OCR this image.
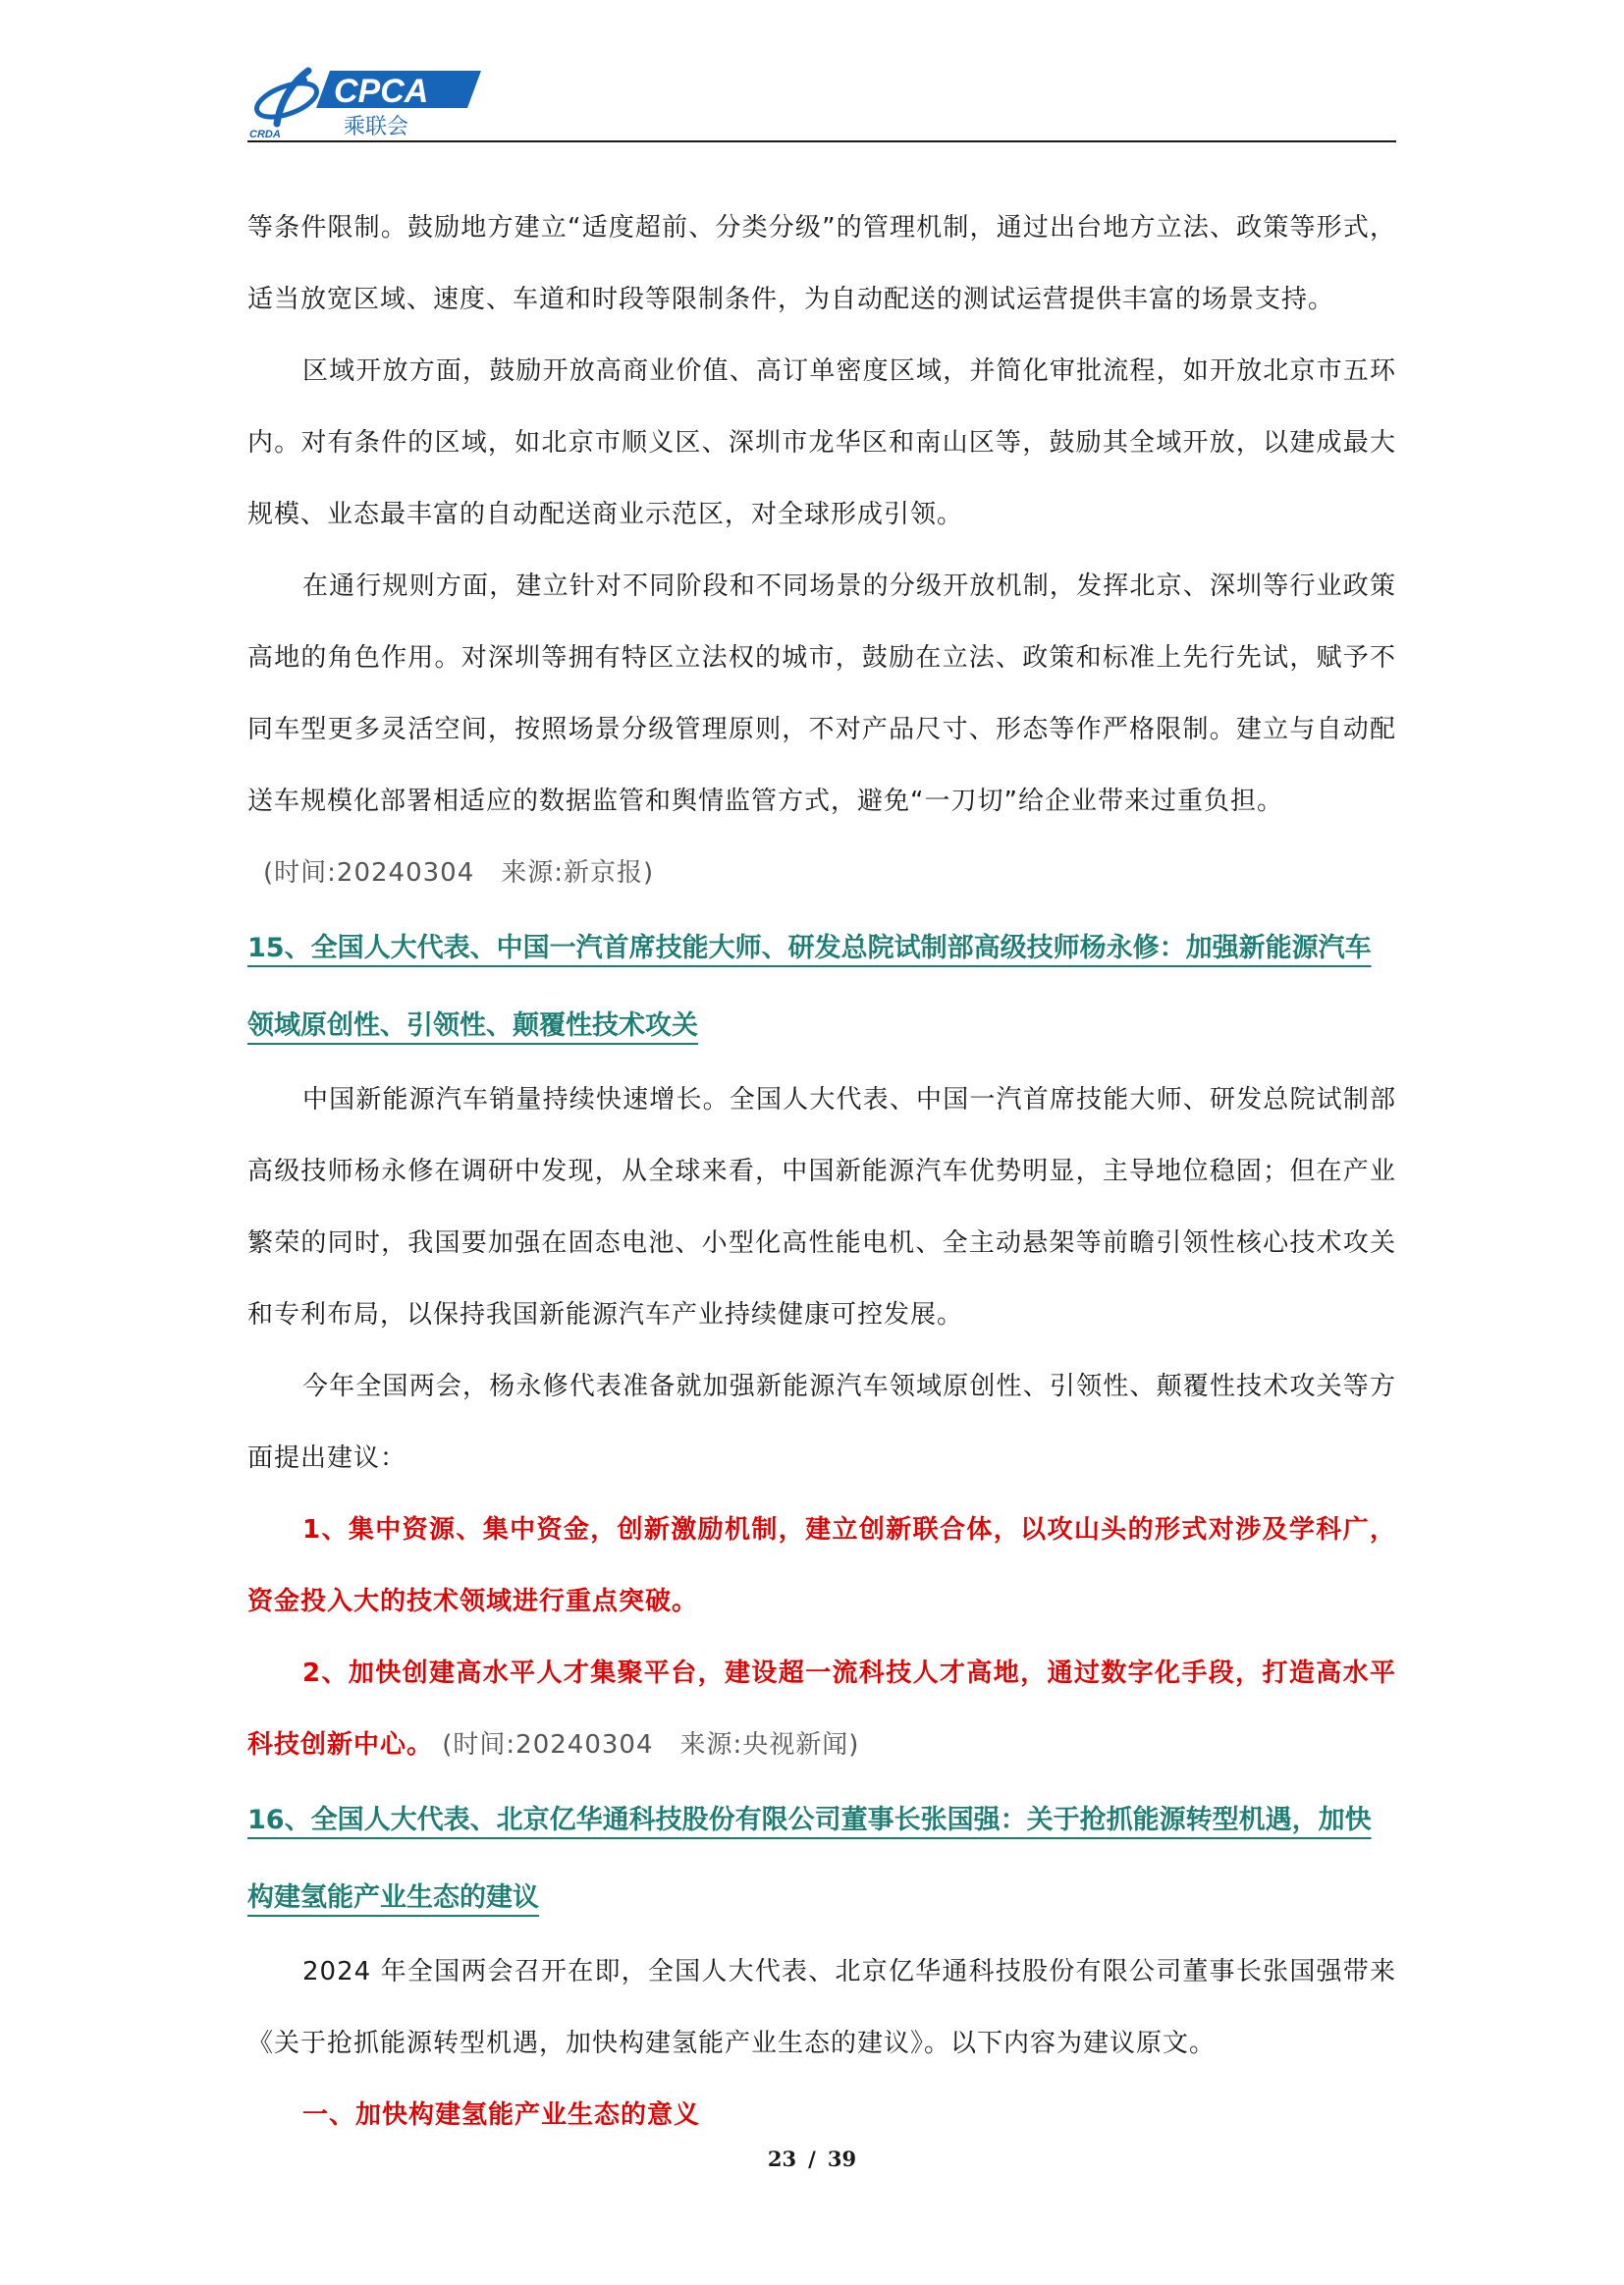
CPCA
乘联会
CRDA

等条件限制。鼓励地方建立“适度超前、分类分级”的管理机制，通过出台地方立法、政策等形式，适当放宽区域、速度、车道和时段等限制条件，为自动配送的测试运营提供丰富的场景支持。

区域开放方面，鼓励开放高商业价值、高订单密度区域，并简化审批流程，如开放北京市五环内。对有条件的区域，如北京市顺义区、深圳市龙华区和南山区等，鼓励其全域开放，以建成最大规模、业态最丰富的自动配送商业示范区，对全球形成引领。

在通行规则方面，建立针对不同阶段和不同场景的分级开放机制，发挥北京、深圳等行业政策高地的角色作用。对深圳等拥有特区立法权的城市，鼓励在立法、政策和标准上先行先试，赋予不同车型更多灵活空间，按照场景分级管理原则，不对产品尺寸、形态等作严格限制。建立与自动配送车规模化部署相适应的数据监管和舆情监管方式，避免“一刀切”给企业带来过重负担。

(时间:20240304　来源:新京报)

15、全国人大代表、中国一汽首席技能大师、研发总院试制部高级技师杨永修：加强新能源汽车领域原创性、引领性、颠覆性技术攻关

中国新能源汽车销量持续快速增长。全国人大代表、中国一汽首席技能大师、研发总院试制部高级技师杨永修在调研中发现，从全球来看，中国新能源汽车优势明显，主导地位稳固；但在产业繁荣的同时，我国要加强在固态电池、小型化高性能电机、全主动悬架等前瞻引领性核心技术攻关和专利布局，以保持我国新能源汽车产业持续健康可控发展。

今年全国两会，杨永修代表准备就加强新能源汽车领域原创性、引领性、颠覆性技术攻关等方面提出建议：

1、集中资源、集中资金，创新激励机制，建立创新联合体，以攻山头的形式对涉及学科广，资金投入大的技术领域进行重点突破。

2、加快创建高水平人才集聚平台，建设超一流科技人才高地，通过数字化手段，打造高水平科技创新中心。 (时间:20240304　来源:央视新闻)

16、全国人大代表、北京亿华通科技股份有限公司董事长张国强：关于抢抓能源转型机遇，加快构建氢能产业生态的建议

2024 年全国两会召开在即，全国人大代表、北京亿华通科技股份有限公司董事长张国强带来《关于抢抓能源转型机遇，加快构建氢能产业生态的建议》。以下内容为建议原文。

一、加快构建氢能产业生态的意义

23 / 39
